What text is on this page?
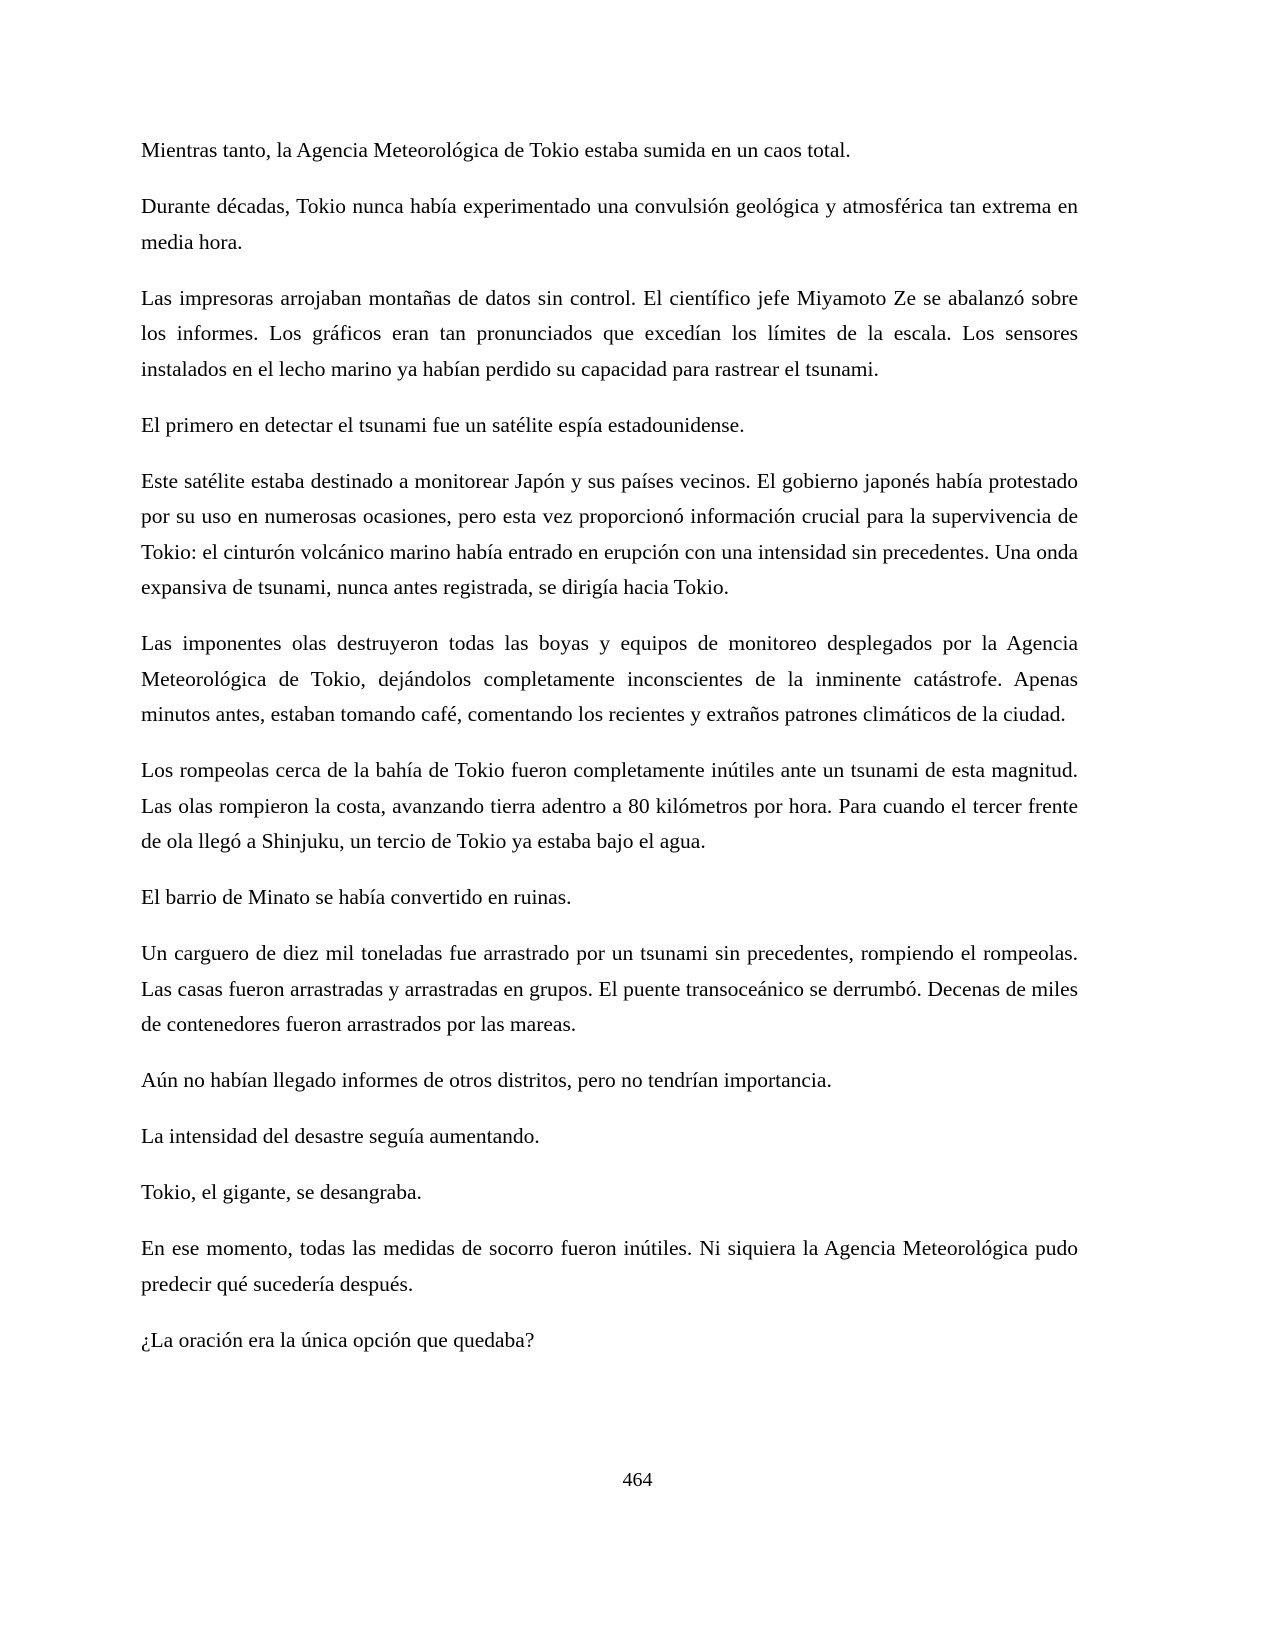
Mientras tanto, la Agencia Meteorológica de Tokio estaba sumida en un caos total.

Durante décadas, Tokio nunca había experimentado una convulsión geológica y atmosférica tan extrema en media hora.

Las impresoras arrojaban montañas de datos sin control. El científico jefe Miyamoto Ze se abalanzó sobre los informes. Los gráficos eran tan pronunciados que excedían los límites de la escala. Los sensores instalados en el lecho marino ya habían perdido su capacidad para rastrear el tsunami.

El primero en detectar el tsunami fue un satélite espía estadounidense.

Este satélite estaba destinado a monitorear Japón y sus países vecinos. El gobierno japonés había protestado por su uso en numerosas ocasiones, pero esta vez proporcionó información crucial para la supervivencia de Tokio: el cinturón volcánico marino había entrado en erupción con una intensidad sin precedentes. Una onda expansiva de tsunami, nunca antes registrada, se dirigía hacia Tokio.

Las imponentes olas destruyeron todas las boyas y equipos de monitoreo desplegados por la Agencia Meteorológica de Tokio, dejándolos completamente inconscientes de la inminente catástrofe. Apenas minutos antes, estaban tomando café, comentando los recientes y extraños patrones climáticos de la ciudad.

Los rompeolas cerca de la bahía de Tokio fueron completamente inútiles ante un tsunami de esta magnitud. Las olas rompieron la costa, avanzando tierra adentro a 80 kilómetros por hora. Para cuando el tercer frente de ola llegó a Shinjuku, un tercio de Tokio ya estaba bajo el agua.

El barrio de Minato se había convertido en ruinas.

Un carguero de diez mil toneladas fue arrastrado por un tsunami sin precedentes, rompiendo el rompeolas. Las casas fueron arrastradas y arrastradas en grupos. El puente transoceánico se derrumbó. Decenas de miles de contenedores fueron arrastrados por las mareas.

Aún no habían llegado informes de otros distritos, pero no tendrían importancia.

La intensidad del desastre seguía aumentando.

Tokio, el gigante, se desangraba.

En ese momento, todas las medidas de socorro fueron inútiles. Ni siquiera la Agencia Meteorológica pudo predecir qué sucedería después.

¿La oración era la única opción que quedaba?

464
